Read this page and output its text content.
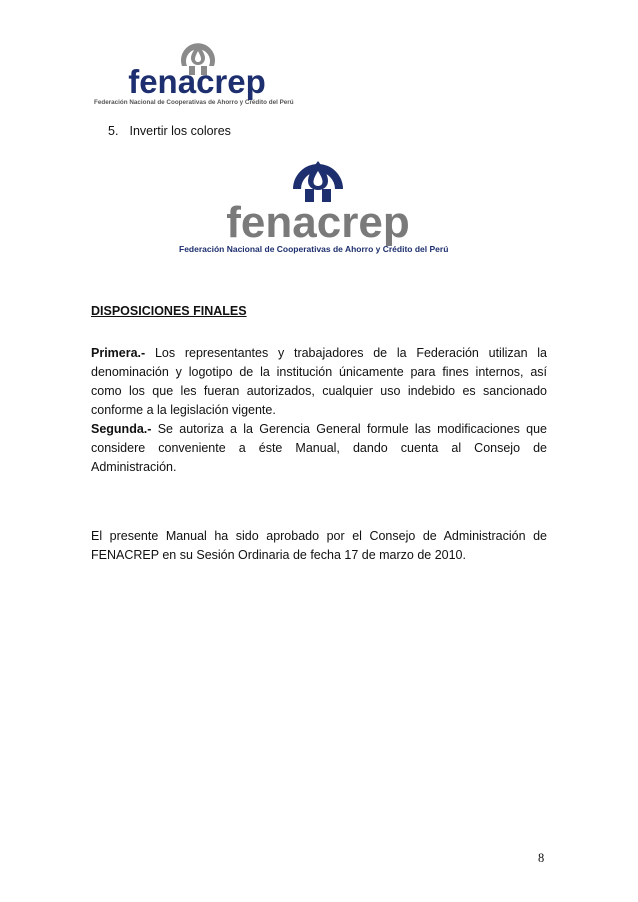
fenacrep
Federación Nacional de Cooperativas de Ahorro y Crédito del Perú
5. Invertir los colores
fenacrep
Federación Nacional de Cooperativas de Ahorro y Crédito del Perú
DISPOSICIONES FINALES
Primera.- Los representantes y trabajadores de la Federación utilizan la denominación y logotipo de la institución únicamente para fines internos, así como los que les fueran autorizados, cualquier uso indebido es sancionado conforme a la legislación vigente.
Segunda.- Se autoriza a la Gerencia General formule las modificaciones que considere conveniente a éste Manual, dando cuenta al Consejo de Administración.
El presente Manual ha sido aprobado por el Consejo de Administración de FENACREP en su Sesión Ordinaria de fecha 17 de marzo de 2010.
8
